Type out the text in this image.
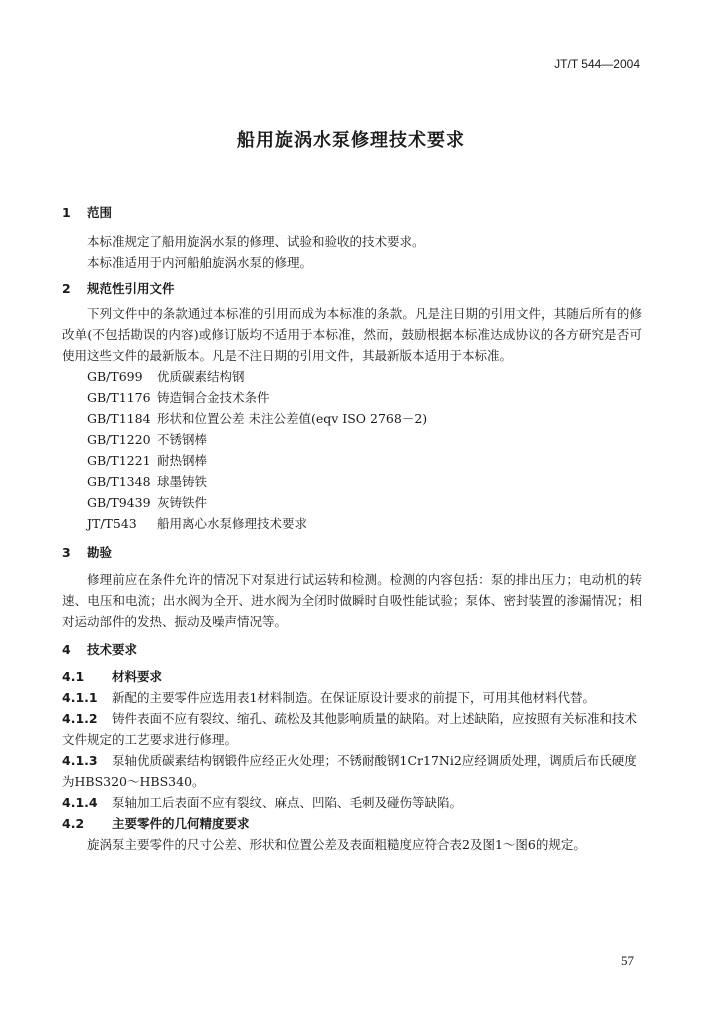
JT/T 544—2004
船用旋涡水泵修理技术要求
1 范围
本标准规定了船用旋涡水泵的修理、试验和验收的技术要求。
本标准适用于内河船舶旋涡水泵的修理。
2 规范性引用文件
下列文件中的条款通过本标准的引用而成为本标准的条款。凡是注日期的引用文件，其随后所有的修改单(不包括勘误的内容)或修订版均不适用于本标准，然而，鼓励根据本标准达成协议的各方研究是否可使用这些文件的最新版本。凡是不注日期的引用文件，其最新版本适用于本标准。
GB/T699 优质碳素结构钢
GB/T1176 铸造铜合金技术条件
GB/T1184 形状和位置公差 未注公差值(eqv ISO 2768－2)
GB/T1220 不锈钢棒
GB/T1221 耐热钢棒
GB/T1348 球墨铸铁
GB/T9439 灰铸铁件
JT/T543 船用离心水泵修理技术要求
3 勘验
修理前应在条件允许的情况下对泵进行试运转和检测。检测的内容包括：泵的排出压力；电动机的转速、电压和电流；出水阀为全开、进水阀为全闭时做瞬时自吸性能试验；泵体、密封装置的渗漏情况；相对运动部件的发热、振动及噪声情况等。
4 技术要求
4.1 材料要求
4.1.1 新配的主要零件应选用表1材料制造。在保证原设计要求的前提下，可用其他材料代替。
4.1.2 铸件表面不应有裂纹、缩孔、疏松及其他影响质量的缺陷。对上述缺陷，应按照有关标准和技术文件规定的工艺要求进行修理。
4.1.3 泵轴优质碳素结构钢锻件应经正火处理；不锈耐酸钢1Cr17Ni2应经调质处理，调质后布氏硬度为HBS320～HBS340。
4.1.4 泵轴加工后表面不应有裂纹、麻点、凹陷、毛刺及碰伤等缺陷。
4.2 主要零件的几何精度要求
旋涡泵主要零件的尺寸公差、形状和位置公差及表面粗糙度应符合表2及图1～图6的规定。
57
